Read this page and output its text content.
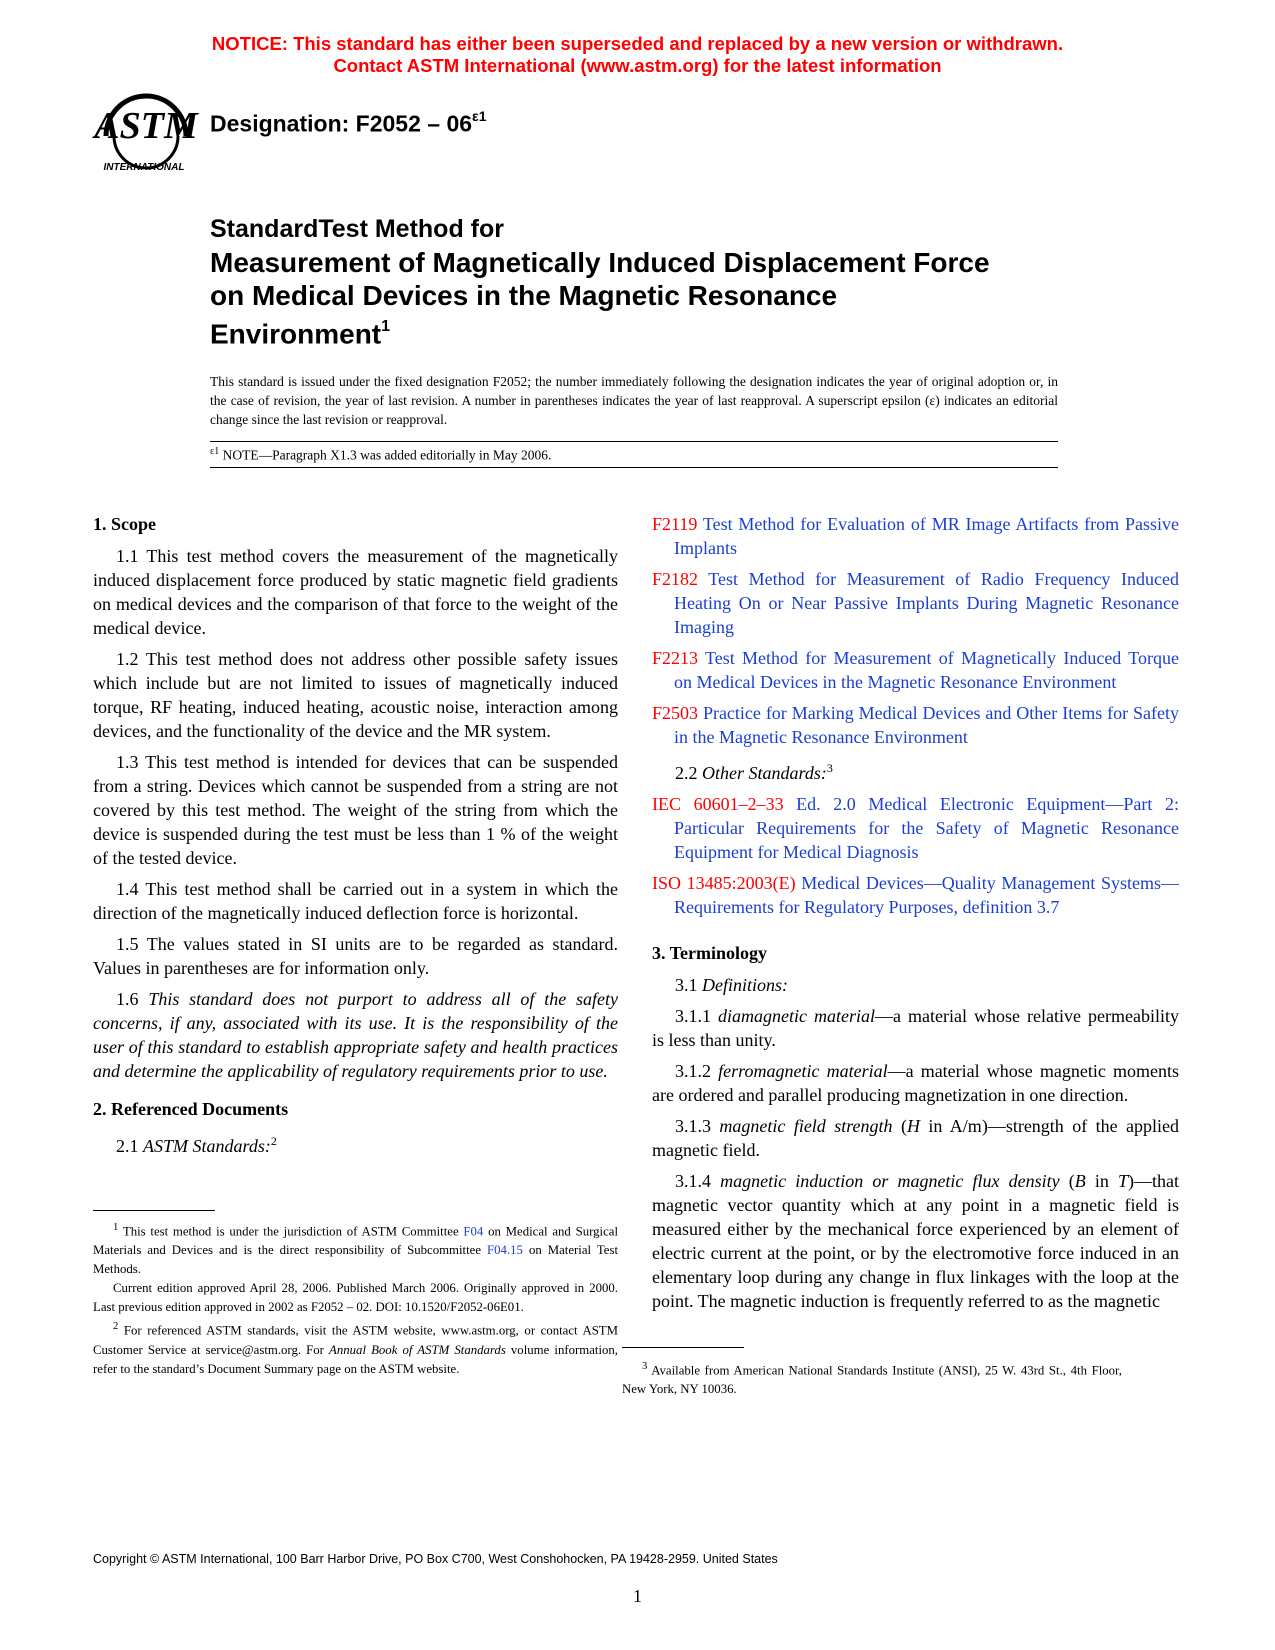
NOTICE: This standard has either been superseded and replaced by a new version or withdrawn.
Contact ASTM International (www.astm.org) for the latest information
ASTM
INTERNATIONAL
Designation: $F2052 - 06^{\varepsilon 1}$
StandardTest Method for
Measurement of Magnetically Induced Displacement Force
on Medical Devices in the Magnetic Resonance
Environment$^1$
This standard is issued under the fixed designation F2052; the number immediately following the designation indicates the year of original adoption or, in the case of revision, the year of last revision. A number in parentheses indicates the year of last reapproval. A superscript epsilon (ε) indicates an editorial change since the last revision or reapproval.
$^{\varepsilon 1}$ NOTE—Paragraph X1.3 was added editorially in May 2006.
1. Scope
1.1 This test method covers the measurement of the magnetically induced displacement force produced by static magnetic field gradients on medical devices and the comparison of that force to the weight of the medical device.
1.2 This test method does not address other possible safety issues which include but are not limited to issues of magnetically induced torque, RF heating, induced heating, acoustic noise, interaction among devices, and the functionality of the device and the MR system.
1.3 This test method is intended for devices that can be suspended from a string. Devices which cannot be suspended from a string are not covered by this test method. The weight of the string from which the device is suspended during the test must be less than 1 % of the weight of the tested device.
1.4 This test method shall be carried out in a system in which the direction of the magnetically induced deflection force is horizontal.
1.5 The values stated in SI units are to be regarded as standard. Values in parentheses are for information only.
1.6 This standard does not purport to address all of the safety concerns, if any, associated with its use. It is the responsibility of the user of this standard to establish appropriate safety and health practices and determine the applicability of regulatory requirements prior to use.
2. Referenced Documents
2.1 ASTM Standards:$^2$

$^1$ This test method is under the jurisdiction of ASTM Committee F04 on Medical and Surgical Materials and Devices and is the direct responsibility of Subcommittee F04.15 on Material Test Methods.

Current edition approved April 28, 2006. Published March 2006. Originally approved in 2000. Last previous edition approved in 2002 as F2052 – 02. DOI: 10.1520/F2052-06E01.

$^2$ For referenced ASTM standards, visit the ASTM website, www.astm.org, or contact ASTM Customer Service at service@astm.org. For Annual Book of ASTM Standards volume information, refer to the standard’s Document Summary page on the ASTM website.

F2119 Test Method for Evaluation of MR Image Artifacts from Passive Implants
F2182 Test Method for Measurement of Radio Frequency Induced Heating On or Near Passive Implants During Magnetic Resonance Imaging
F2213 Test Method for Measurement of Magnetically Induced Torque on Medical Devices in the Magnetic Resonance Environment
F2503 Practice for Marking Medical Devices and Other Items for Safety in the Magnetic Resonance Environment
2.2 Other Standards:$^3$
IEC 60601–2–33 Ed. 2.0 Medical Electronic Equipment—Part 2: Particular Requirements for the Safety of Magnetic Resonance Equipment for Medical Diagnosis
ISO 13485:2003(E) Medical Devices—Quality Management Systems—Requirements for Regulatory Purposes, definition 3.7
3. Terminology
3.1 Definitions:
3.1.1 diamagnetic material—a material whose relative permeability is less than unity.
3.1.2 ferromagnetic material—a material whose magnetic moments are ordered and parallel producing magnetization in one direction.
3.1.3 magnetic field strength (H in A/m)—strength of the applied magnetic field.
3.1.4 magnetic induction or magnetic flux density (B in T)—that magnetic vector quantity which at any point in a magnetic field is measured either by the mechanical force experienced by an element of electric current at the point, or by the electromotive force induced in an elementary loop during any change in flux linkages with the loop at the point. The magnetic induction is frequently referred to as the magnetic

$^3$ Available from American National Standards Institute (ANSI), 25 W. 43rd St., 4th Floor, New York, NY 10036.

Copyright © ASTM International, 100 Barr Harbor Drive, PO Box C700, West Conshohocken, PA 19428-2959. United States
1
